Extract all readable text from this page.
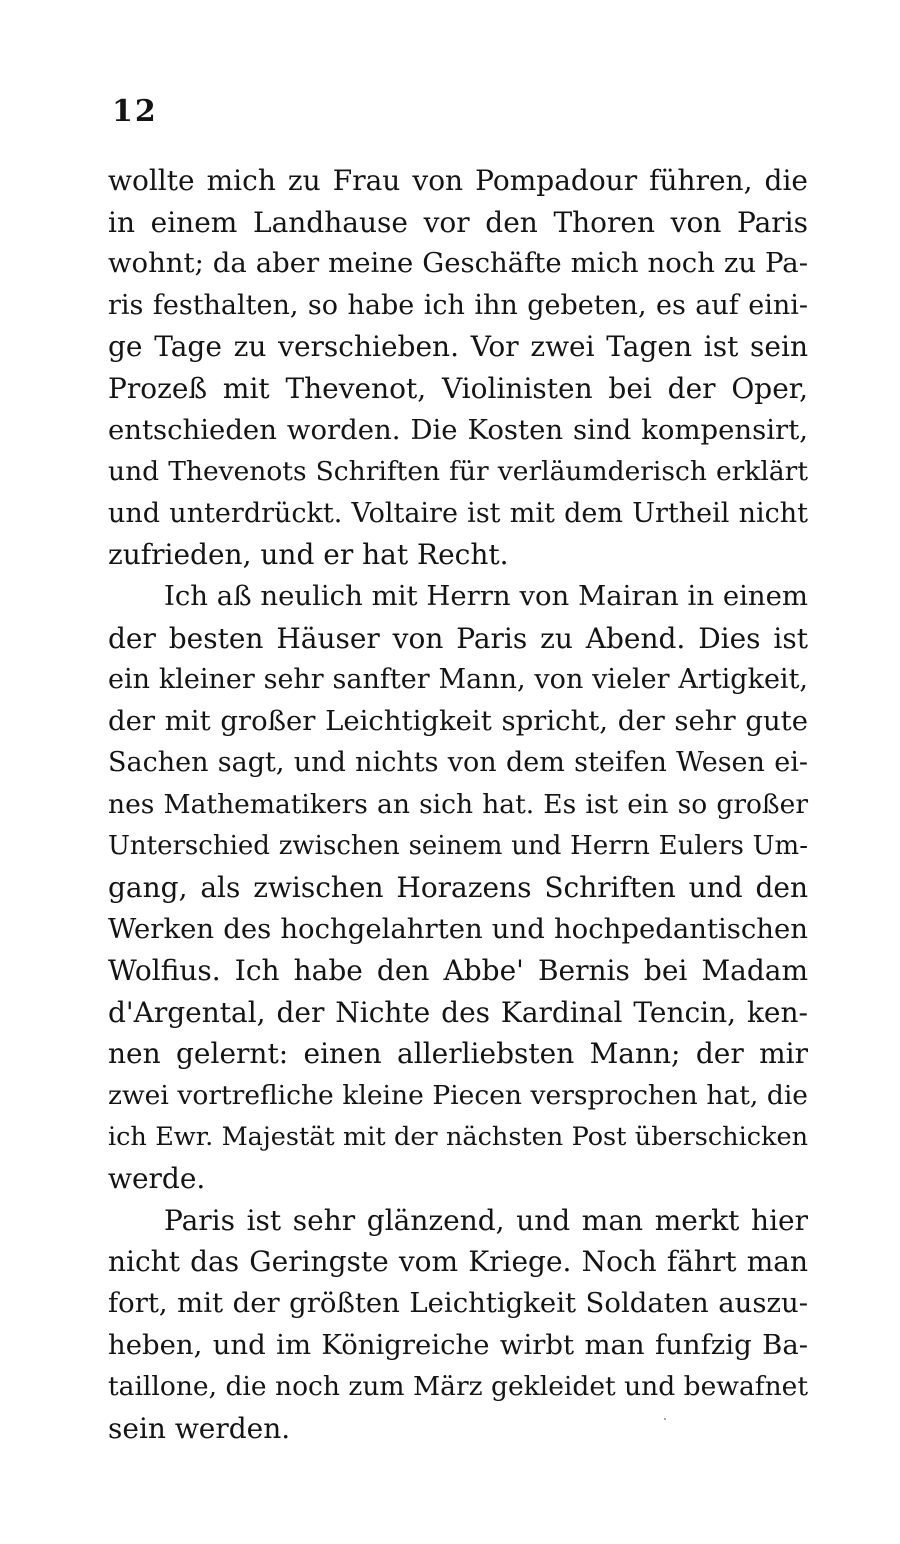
12
wollte mich zu Frau von Pompadour führen, die
in einem Landhause vor den Thoren von Paris
wohnt; da aber meine Geschäfte mich noch zu Pa-
ris festhalten, so habe ich ihn gebeten, es auf eini-
ge Tage zu verschieben. Vor zwei Tagen ist sein
Prozeß mit Thevenot, Violinisten bei der Oper,
entschieden worden. Die Kosten sind kompensirt,
und Thevenots Schriften für verläumderisch erklärt
und unterdrückt. Voltaire ist mit dem Urtheil nicht
zufrieden, und er hat Recht.
Ich aß neulich mit Herrn von Mairan in einem
der besten Häuser von Paris zu Abend. Dies ist
ein kleiner sehr sanfter Mann, von vieler Artigkeit,
der mit großer Leichtigkeit spricht, der sehr gute
Sachen sagt, und nichts von dem steifen Wesen ei-
nes Mathematikers an sich hat. Es ist ein so großer
Unterschied zwischen seinem und Herrn Eulers Um-
gang, als zwischen Horazens Schriften und den
Werken des hochgelahrten und hochpedantischen
Wolfius. Ich habe den Abbe' Bernis bei Madam
d'Argental, der Nichte des Kardinal Tencin, ken-
nen gelernt: einen allerliebsten Mann; der mir
zwei vortrefliche kleine Piecen versprochen hat, die
ich Ewr. Majestät mit der nächsten Post überschicken
werde.
Paris ist sehr glänzend, und man merkt hier
nicht das Geringste vom Kriege. Noch fährt man
fort, mit der größten Leichtigkeit Soldaten auszu-
heben, und im Königreiche wirbt man funfzig Ba-
taillone, die noch zum März gekleidet und bewafnet
sein werden.
